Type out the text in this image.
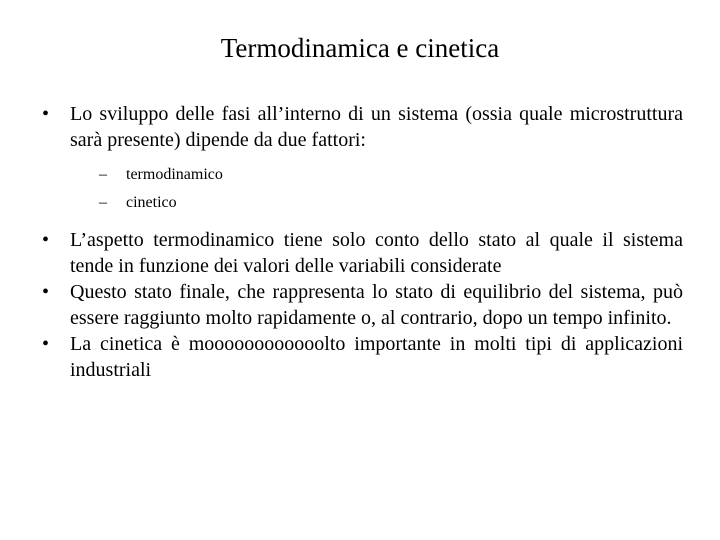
Termodinamica e cinetica
• Lo sviluppo delle fasi all’interno di un sistema (ossia quale microstruttura sarà presente) dipende da due fattori:
– termodinamico
– cinetico
• L’aspetto termodinamico tiene solo conto dello stato al quale il sistema tende in funzione dei valori delle variabili considerate
• Questo stato finale, che rappresenta lo stato di equilibrio del sistema, può essere raggiunto molto rapidamente o, al contrario, dopo un tempo infinito.
• La cinetica è moooooooooooolto importante in molti tipi di applicazioni industriali
